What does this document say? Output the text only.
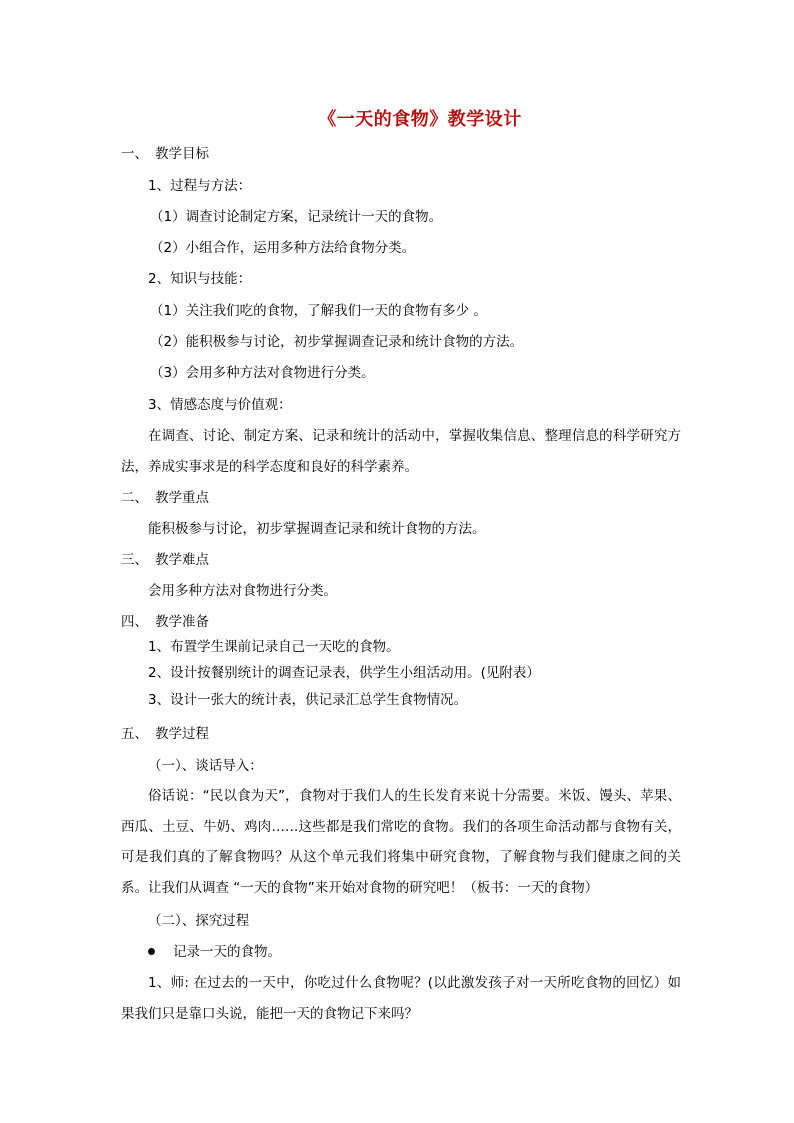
《一天的食物》教学设计
一、 教学目标
1、过程与方法：
（1）调查讨论制定方案，记录统计一天的食物。
（2）小组合作，运用多种方法给食物分类。
2、知识与技能：
（1）关注我们吃的食物，了解我们一天的食物有多少 。
（2）能积极参与讨论，初步掌握调查记录和统计食物的方法。
（3）会用多种方法对食物进行分类。
3、情感态度与价值观：
在调查、讨论、制定方案、记录和统计的活动中，掌握收集信息、整理信息的科学研究方法，养成实事求是的科学态度和良好的科学素养。
二、 教学重点
能积极参与讨论，初步掌握调查记录和统计食物的方法。
三、 教学难点
会用多种方法对食物进行分类。
四、 教学准备
1、布置学生课前记录自己一天吃的食物。
2、设计按餐别统计的调查记录表，供学生小组活动用。(见附表）
3、设计一张大的统计表，供记录汇总学生食物情况。
五、 教学过程
（一）、谈话导入：
俗话说：“民以食为天”，食物对于我们人的生长发育来说十分需要。米饭、馒头、苹果、西瓜、土豆、牛奶、鸡肉……这些都是我们常吃的食物。我们的各项生命活动都与食物有关，可是我们真的了解食物吗？从这个单元我们将集中研究食物，了解食物与我们健康之间的关系。让我们从调查 “一天的食物”来开始对食物的研究吧！（板书：一天的食物）
（二）、探究过程
记录一天的食物。
1、师: 在过去的一天中，你吃过什么食物呢？(以此激发孩子对一天所吃食物的回忆）如果我们只是靠口头说，能把一天的食物记下来吗？
